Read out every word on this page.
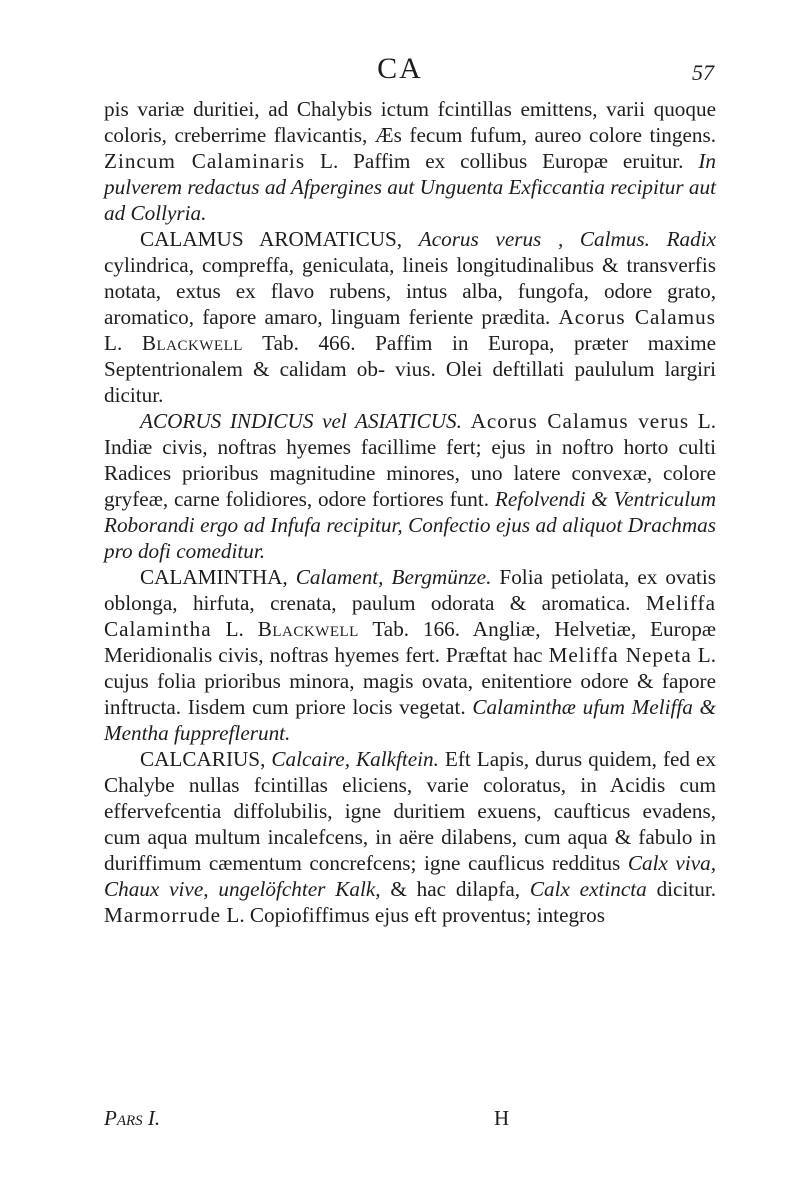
CA	57

pis variæ duritiei, ad Chalybis ictum fcintillas emittens, varii quoque coloris, creberrime flavicantis, Æs fecum fufum, aureo colore tingens. Zincum Calaminaris L. Paffim ex collibus Europæ eruitur. In pulverem redactus ad Afpergines aut Unguenta Exficcantia recipitur aut ad Collyria.

CALAMUS AROMATICUS, Acorus verus , Calmus. Radix cylindrica, compreffa, geniculata, lineis longitudinalibus & transverfis notata, extus ex flavo rubens, intus alba, fungofa, odore grato, aromatico, fapore amaro, linguam feriente prædita. Acorus Calamus L. Blackwell Tab. 466. Paffim in Europa, præter maxime Septentrionalem & calidam ob- vius. Olei deftillati paululum largiri dicitur.

ACORUS INDICUS vel ASIATICUS. Acorus Calamus verus L. Indiæ civis, noftras hyemes facillime fert; ejus in noftro horto culti Radices prioribus magnitudine minores, uno latere convexæ, colore gryfeæ, carne folidiores, odore fortiores funt. Refolvendi & Ventriculum Roborandi ergo ad Infufa recipitur, Confectio ejus ad aliquot Drachmas pro dofi comeditur.

CALAMINTHA, Calament, Bergmünze. Folia petiolata, ex ovatis oblonga, hirfuta, crenata, paulum odorata & aromatica. Meliffa Calamintha L. Blackwell Tab. 166. Angliæ, Helvetiæ, Europæ Meridionalis civis, noftras hyemes fert. Præftat hac Meliffa Nepeta L. cujus folia prioribus minora, magis ovata, enitentiore odore & fapore inftructa. Iisdem cum priore locis vegetat. Calaminthæ ufum Meliffa & Mentha fuppreflerunt.

CALCARIUS, Calcaire, Kalkftein. Eft Lapis, durus quidem, fed ex Chalybe nullas fcintillas eliciens, varie coloratus, in Acidis cum effervefcentia diffolubilis, igne duritiem exuens, caufticus evadens, cum aqua multum incalefcens, in aëre dilabens, cum aqua & fabulo in duriffimum cæmentum concrefcens; igne cauflicus redditus Calx viva, Chaux vive, ungelöfchter Kalk, & hac dilapfa, Calx extincta dicitur. Marmorrude L. Copiofiffimus ejus eft proventus; integros

Pars I.	H
